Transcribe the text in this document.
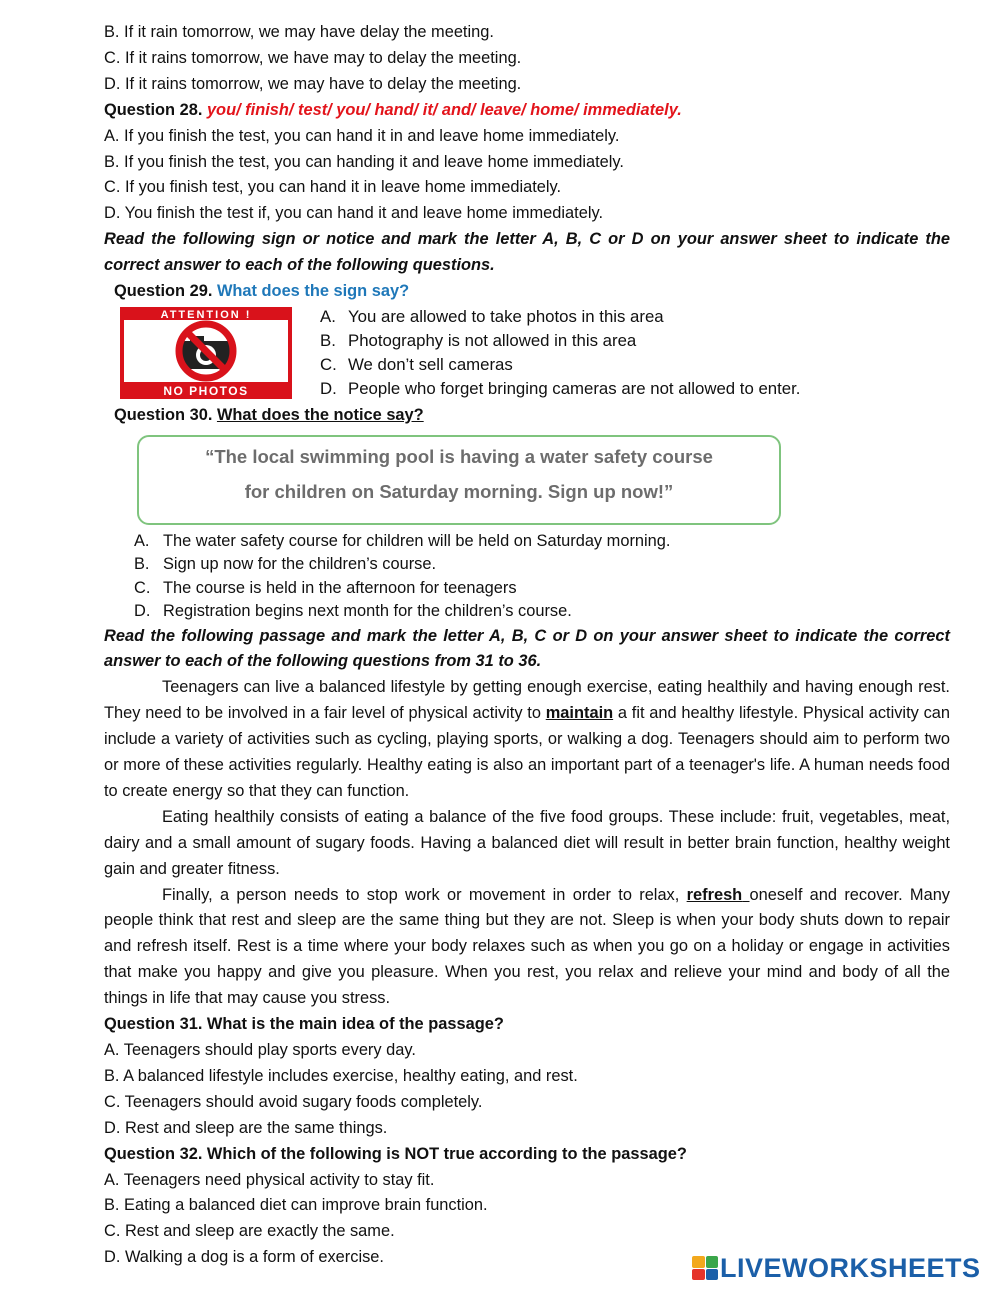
B. If it rain tomorrow, we may have delay the meeting.

C. If it rains tomorrow, we have may to delay the meeting.

D. If it rains tomorrow, we may have to delay the meeting.

Question 28. you/ finish/ test/ you/ hand/ it/ and/ leave/ home/ immediately.

A. If you finish the test, you can hand it in and leave home immediately.

B. If you finish the test, you can handing it and leave home immediately.

C. If you finish test, you can hand it in leave home immediately.

D. You finish the test if, you can hand it and leave home immediately.

Read the following sign or notice and mark the letter A, B, C or D on your answer sheet to indicate the correct answer to each of the following questions.

Question 29. What does the sign say?

ATTENTION !
NO PHOTOS
A. You are allowed to take photos in this area
B. Photography is not allowed in this area
C. We don’t sell cameras
D. People who forget bringing cameras are not allowed to enter.

Question 30. What does the notice say?

“The local swimming pool is having a water safety course
for children on Saturday morning. Sign up now!”
A. The water safety course for children will be held on Saturday morning.
B. Sign up now for the children’s course.
C. The course is held in the afternoon for teenagers
D. Registration begins next month for the children’s course.

Read the following passage and mark the letter A, B, C or D on your answer sheet to indicate the correct answer to each of the following questions from 31 to 36.

Teenagers can live a balanced lifestyle by getting enough exercise, eating healthily and having enough rest. They need to be involved in a fair level of physical activity to maintain a fit and healthy lifestyle. Physical activity can include a variety of activities such as cycling, playing sports, or walking a dog. Teenagers should aim to perform two or more of these activities regularly. Healthy eating is also an important part of a teenager's life. A human needs food to create energy so that they can function.

Eating healthily consists of eating a balance of the five food groups. These include: fruit, vegetables, meat, dairy and a small amount of sugary foods. Having a balanced diet will result in better brain function, healthy weight gain and greater fitness.

Finally, a person needs to stop work or movement in order to relax, refresh oneself and recover. Many people think that rest and sleep are the same thing but they are not. Sleep is when your body shuts down to repair and refresh itself. Rest is a time where your body relaxes such as when you go on a holiday or engage in activities that make you happy and give you pleasure. When you rest, you relax and relieve your mind and body of all the things in life that may cause you stress.

Question 31. What is the main idea of the passage?

A. Teenagers should play sports every day.

B. A balanced lifestyle includes exercise, healthy eating, and rest.

C. Teenagers should avoid sugary foods completely.

D. Rest and sleep are the same things.

Question 32. Which of the following is NOT true according to the passage?

A. Teenagers need physical activity to stay fit.

B. Eating a balanced diet can improve brain function.

C. Rest and sleep are exactly the same.

D. Walking a dog is a form of exercise.	LIVEWORKSHEETS
